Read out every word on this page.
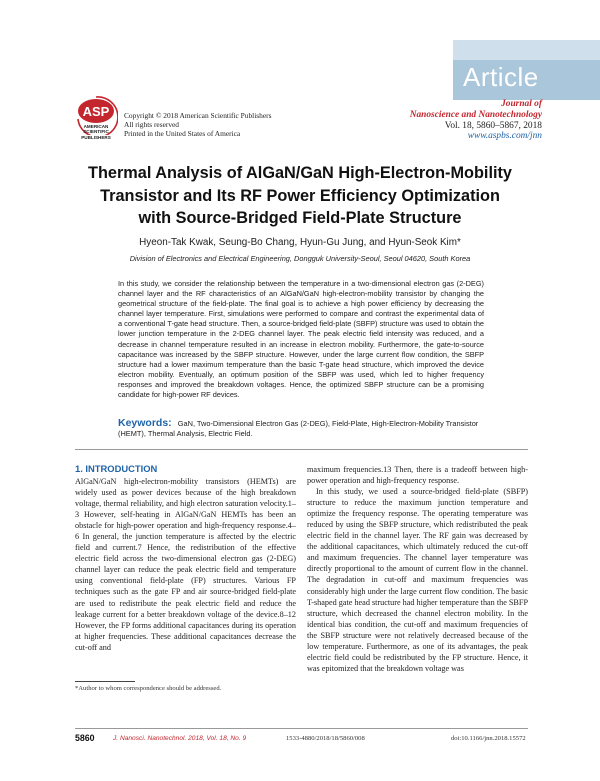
Article
ASP
AMERICAN
SCIENTIFIC
PUBLISHERS
Copyright © 2018 American Scientific Publishers
All rights reserved
Printed in the United States of America
Journal of
Nanoscience and Nanotechnology
Vol. 18, 5860–5867, 2018
www.aspbs.com/jnn
Thermal Analysis of AlGaN/GaN High-Electron-Mobility
Transistor and Its RF Power Efficiency Optimization
with Source-Bridged Field-Plate Structure
Hyeon-Tak Kwak, Seung-Bo Chang, Hyun-Gu Jung, and Hyun-Seok Kim*
Division of Electronics and Electrical Engineering, Dongguk University-Seoul, Seoul 04620, South Korea
In this study, we consider the relationship between the temperature in a two-dimensional electron gas (2-DEG) channel layer and the RF characteristics of an AlGaN/GaN high-electron-mobility transistor by changing the geometrical structure of the field-plate. The final goal is to achieve a high power efficiency by decreasing the channel layer temperature. First, simulations were performed to compare and contrast the experimental data of a conventional T-gate head structure. Then, a source-bridged field-plate (SBFP) structure was used to obtain the lower junction temperature in the 2-DEG channel layer. The peak electric field intensity was reduced, and a decrease in channel temperature resulted in an increase in electron mobility. Furthermore, the gate-to-source capacitance was increased by the SBFP structure. However, under the large current flow condition, the SBFP structure had a lower maximum temperature than the basic T-gate head structure, which improved the device electron mobility. Eventually, an optimum position of the SBFP was used, which led to higher frequency responses and improved the breakdown voltages. Hence, the optimized SBFP structure can be a promising candidate for high-power RF devices.
Keywords: GaN, Two-Dimensional Electron Gas (2-DEG), Field-Plate, High-Electron-Mobility Transistor (HEMT), Thermal Analysis, Electric Field.
1. INTRODUCTION

AlGaN/GaN high-electron-mobility transistors (HEMTs) are widely used as power devices because of the high breakdown voltage, thermal reliability, and high electron saturation velocity.1–3 However, self-heating in AlGaN/GaN HEMTs has been an obstacle for high-power operation and high-frequency response.4–6 In general, the junction temperature is affected by the electric field and current.7 Hence, the redistribution of the effective electric field across the two-dimensional electron gas (2-DEG) channel layer can reduce the peak electric field and temperature using conventional field-plate (FP) structures. Various FP techniques such as the gate FP and air source-bridged field-plate are used to redistribute the peak electric field and reduce the leakage current for a better breakdown voltage of the device.8–12 However, the FP forms additional capacitances during its operation at higher frequencies. These additional capacitances decrease the cut-off and

maximum frequencies.13 Then, there is a tradeoff between high-power operation and high-frequency response.

In this study, we used a source-bridged field-plate (SBFP) structure to reduce the maximum junction temperature and optimize the frequency response. The operating temperature was reduced by using the SBFP structure, which redistributed the peak electric field in the channel layer. The RF gain was decreased by the additional capacitances, which ultimately reduced the cut-off and maximum frequencies. The channel layer temperature was directly proportional to the amount of current flow in the channel. The degradation in cut-off and maximum frequencies was considerably high under the large current flow condition. The basic T-shaped gate head structure had higher temperature than the SBFP structure, which decreased the channel electron mobility. In the identical bias condition, the cut-off and maximum frequencies of the SBFP structure were not relatively decreased because of the low temperature. Furthermore, as one of its advantages, the peak electric field could be redistributed by the FP structure. Hence, it was epitomized that the breakdown voltage was

*Author to whom correspondence should be addressed.
5860	J. Nanosci. Nanotechnol. 2018, Vol. 18, No. 9	1533-4880/2018/18/5860/008	doi:10.1166/jnn.2018.15572
